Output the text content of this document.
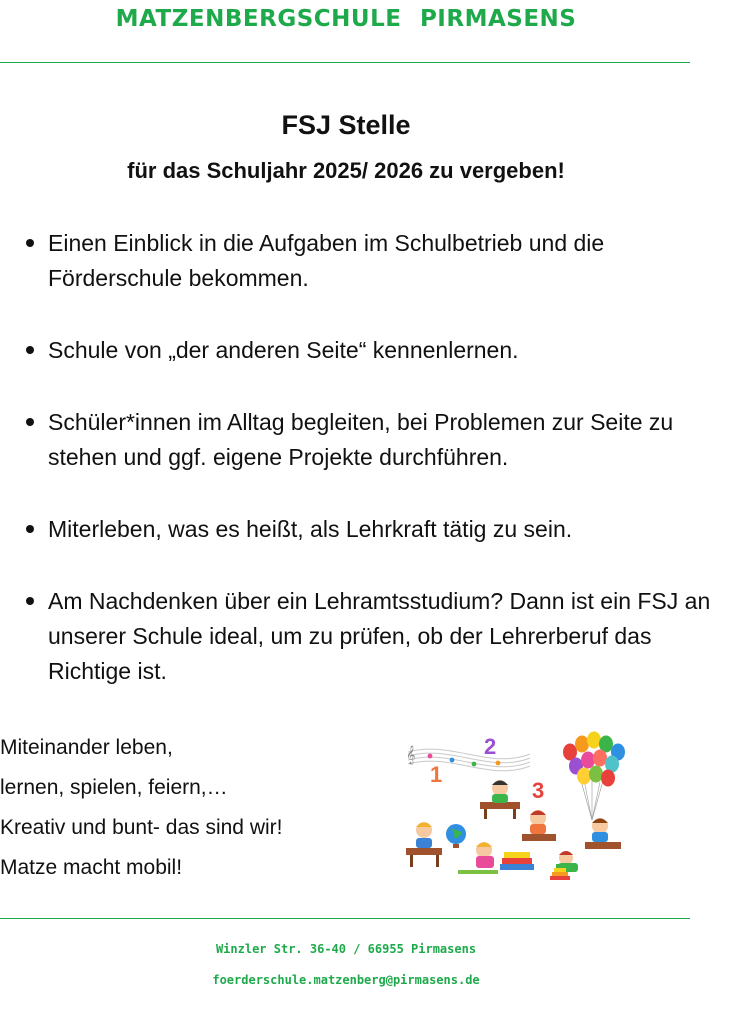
MATZENBERGSCHULE PIRMASENS
FSJ Stelle
für das Schuljahr 2025/ 2026 zu vergeben!
Einen Einblick in die Aufgaben im Schulbetrieb und die Förderschule bekommen.
Schule von „der anderen Seite“ kennenlernen.
Schüler*innen im Alltag begleiten, bei Problemen zur Seite zu stehen und ggf. eigene Projekte durchführen.
Miterleben, was es heißt, als Lehrkraft tätig zu sein.
Am Nachdenken über ein Lehramtsstudium? Dann ist ein FSJ an unserer Schule ideal, um zu prüfen, ob der Lehrerberuf das Richtige ist.
Miteinander leben,
lernen, spielen, feiern,…
Kreativ und bunt- das sind wir!
Matze macht mobil!
𝄞
1
2
3
Winzler Str. 36-40 / 66955 Pirmasens
foerderschule.matzenberg@pirmasens.de
